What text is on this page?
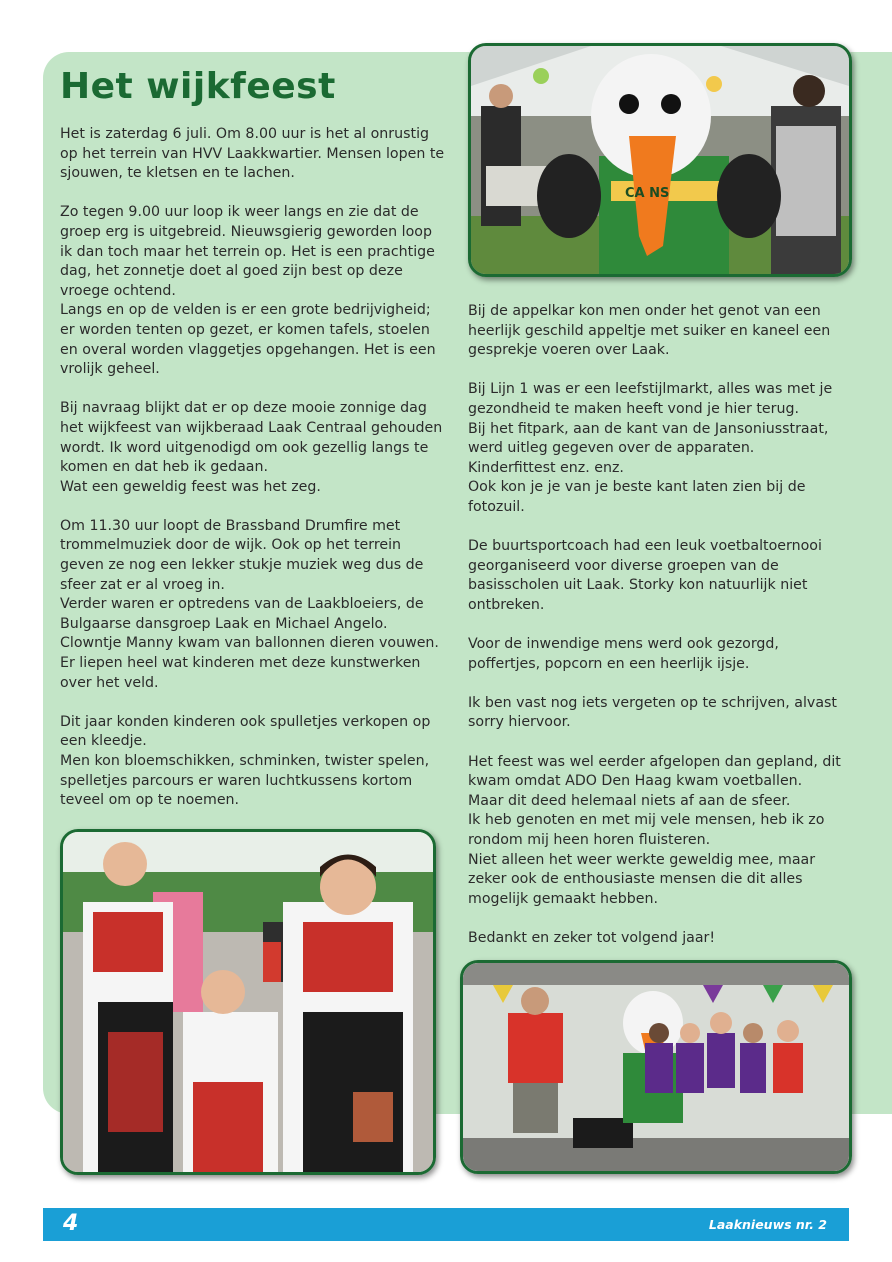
Het wijkfeest

Het is zaterdag 6 juli. Om 8.00 uur is het al onrustig op het terrein van HVV Laakkwartier. Mensen lopen te sjouwen, te kletsen en te lachen.

Zo tegen 9.00 uur loop ik weer langs en zie dat de groep erg is uitgebreid. Nieuwsgierig geworden loop ik dan toch maar het terrein op. Het is een prachtige dag, het zonnetje doet al goed zijn best op deze vroege ochtend.
Langs en op de velden is er een grote bedrijvigheid; er worden tenten op gezet, er komen tafels, stoelen en overal worden vlaggetjes opgehangen. Het is een vrolijk geheel.

Bij navraag blijkt dat er op deze mooie zonnige dag het wijkfeest van wijkberaad Laak Centraal gehouden wordt. Ik word uitgenodigd om ook gezellig langs te komen en dat heb ik gedaan.
Wat een geweldig feest was het zeg.

Om 11.30 uur loopt de Brassband Drumfire met trommelmuziek door de wijk. Ook op het terrein geven ze nog een lekker stukje muziek weg dus de sfeer zat er al vroeg in.
Verder waren er optredens van de Laakbloeiers, de Bulgaarse dansgroep Laak en Michael Angelo. Clowntje Manny kwam van ballonnen dieren vouwen. Er liepen heel wat kinderen met deze kunstwerken over het veld.

Dit jaar konden kinderen ook spulletjes verkopen op een kleedje.
Men kon bloemschikken, schminken, twister spelen, spelletjes parcours er waren luchtkussens kortom teveel om op te noemen.

Bij de appelkar kon men onder het genot van een heerlijk geschild appeltje met suiker en kaneel een gesprekje voeren over Laak.

Bij Lijn 1 was er een leefstijlmarkt, alles was met je gezondheid te maken heeft vond je hier terug.
Bij het fitpark, aan de kant van de Jansoniusstraat, werd uitleg gegeven over de apparaten.
Kinderfittest enz. enz.
Ook kon je je van je beste kant laten zien bij de fotozuil.

De buurtsportcoach had een leuk voetbaltoernooi georganiseerd voor diverse groepen van de basisscholen uit Laak. Storky kon natuurlijk niet ontbreken.

Voor de inwendige mens werd ook gezorgd, poffertjes, popcorn en een heerlijk ijsje.

Ik ben vast nog iets vergeten op te schrijven, alvast sorry hiervoor.

Het feest was wel eerder afgelopen dan gepland, dit kwam omdat ADO Den Haag kwam voetballen.
Maar dit deed helemaal niets af aan de sfeer.
Ik heb genoten en met mij vele mensen, heb ik zo rondom mij heen horen fluisteren.
Niet alleen het weer werkte geweldig mee, maar zeker ook de enthousiaste mensen die dit alles mogelijk gemaakt hebben.

Bedankt en zeker tot volgend jaar!

CA NS
4	Laaknieuws nr. 2
